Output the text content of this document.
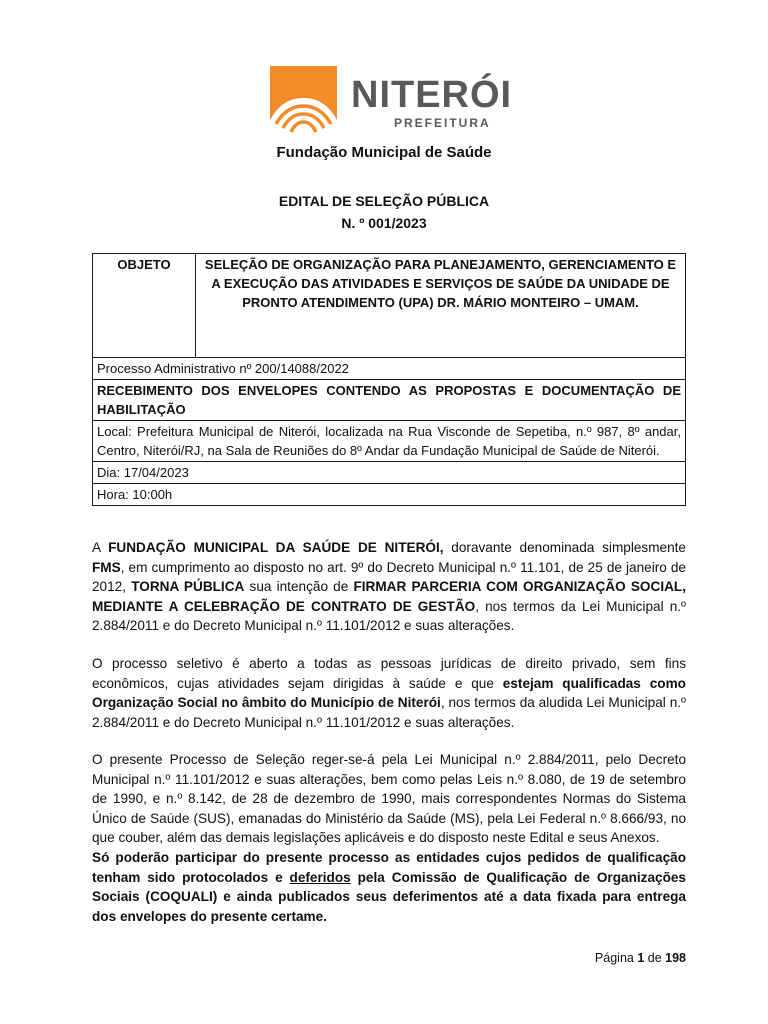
NITERÓI
PREFEITURA
Fundação Municipal de Saúde
EDITAL DE SELEÇÃO PÚBLICA
N. º 001/2023
OBJETO	SELEÇÃO DE ORGANIZAÇÃO PARA PLANEJAMENTO, GERENCIAMENTO E A EXECUÇÃO DAS ATIVIDADES E SERVIÇOS DE SAÚDE DA UNIDADE DE PRONTO ATENDIMENTO (UPA) DR. MÁRIO MONTEIRO – UMAM.
Processo Administrativo nº 200/14088/2022
RECEBIMENTO DOS ENVELOPES CONTENDO AS PROPOSTAS E DOCUMENTAÇÃO DE HABILITAÇÃO
Local: Prefeitura Municipal de Niterói, localizada na Rua Visconde de Sepetiba, n.º 987, 8º andar, Centro, Niterói/RJ, na Sala de Reuniões do 8º Andar da Fundação Municipal de Saúde de Niterói.
Dia: 17/04/2023
Hora: 10:00h
A FUNDAÇÃO MUNICIPAL DA SAÚDE DE NITERÓI, doravante denominada simplesmente FMS, em cumprimento ao disposto no art. 9º do Decreto Municipal n.º 11.101, de 25 de janeiro de 2012, TORNA PÚBLICA sua intenção de FIRMAR PARCERIA COM ORGANIZAÇÃO SOCIAL, MEDIANTE A CELEBRAÇÃO DE CONTRATO DE GESTÃO, nos termos da Lei Municipal n.º 2.884/2011 e do Decreto Municipal n.º 11.101/2012 e suas alterações.
O processo seletivo é aberto a todas as pessoas jurídicas de direito privado, sem fins econômicos, cujas atividades sejam dirigidas à saúde e que estejam qualificadas como Organização Social no âmbito do Município de Niterói, nos termos da aludida Lei Municipal n.º 2.884/2011 e do Decreto Municipal n.º 11.101/2012 e suas alterações.
O presente Processo de Seleção reger-se-á pela Lei Municipal n.º 2.884/2011, pelo Decreto Municipal n.º 11.101/2012 e suas alterações, bem como pelas Leis n.º 8.080, de 19 de setembro de 1990, e n.º 8.142, de 28 de dezembro de 1990, mais correspondentes Normas do Sistema Único de Saúde (SUS), emanadas do Ministério da Saúde (MS), pela Lei Federal n.º 8.666/93, no que couber, além das demais legislações aplicáveis e do disposto neste Edital e seus Anexos.
Só poderão participar do presente processo as entidades cujos pedidos de qualificação tenham sido protocolados e deferidos pela Comissão de Qualificação de Organizações Sociais (COQUALI) e ainda publicados seus deferimentos até a data fixada para entrega dos envelopes do presente certame.
Página 1 de 198
